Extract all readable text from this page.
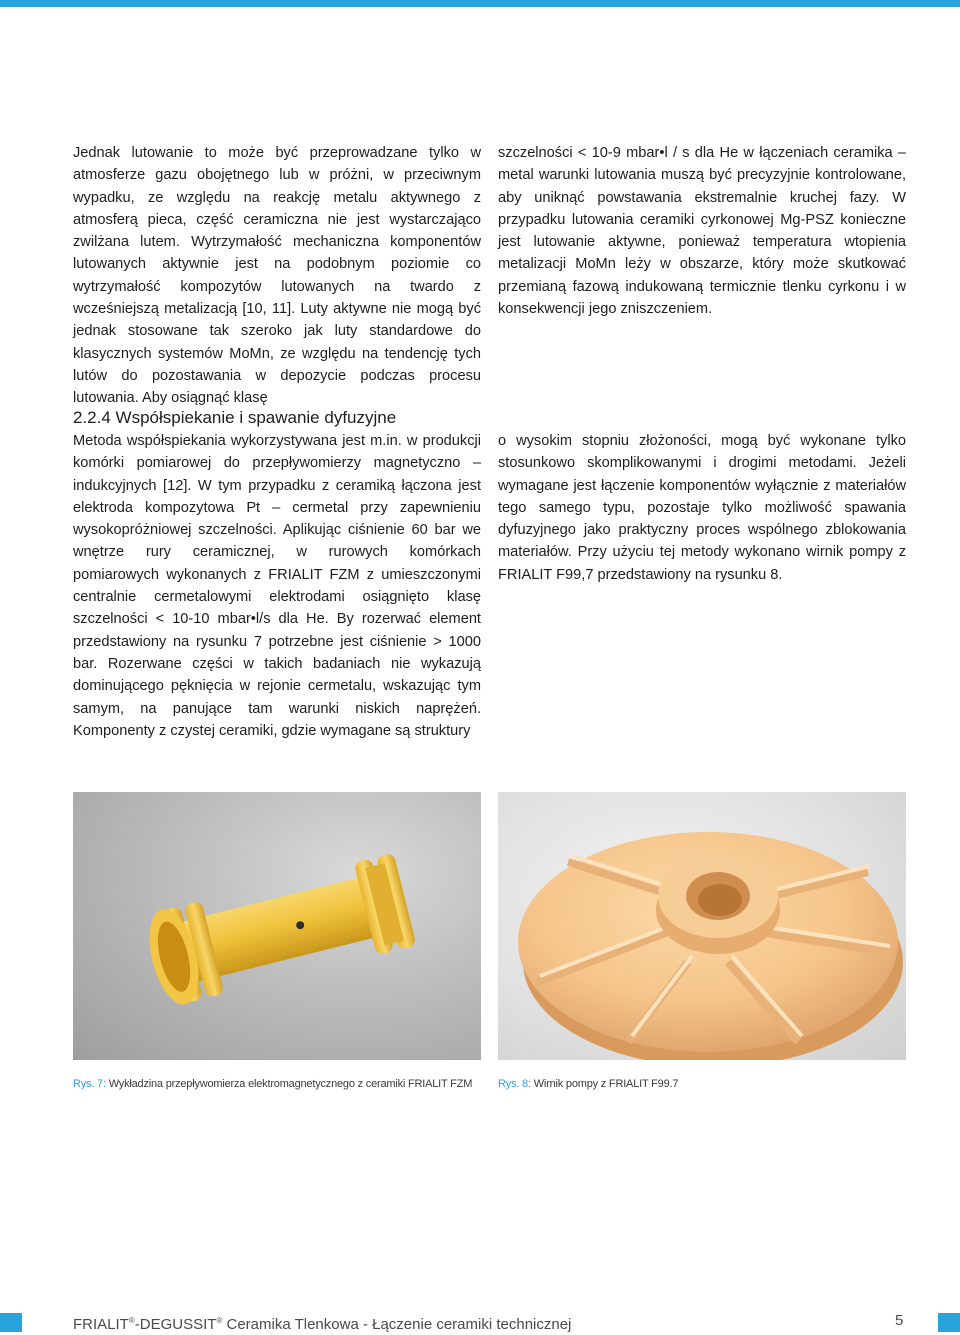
Jednak lutowanie to może być przeprowadzane tylko w atmosferze gazu obojętnego lub w próżni, w przeciwnym wypadku, ze względu na reakcję metalu aktywnego z atmosferą pieca, część ceramiczna nie jest wystarczająco zwilżana lutem. Wytrzymałość mechaniczna komponentów lutowanych aktywnie jest na podobnym poziomie co wytrzymałość kompozytów lutowanych na twardo z wcześniejszą metalizacją [10, 11]. Luty aktywne nie mogą być jednak stosowane tak szeroko jak luty standardowe do klasycznych systemów MoMn, ze względu na tendencję tych lutów do pozostawania w depozycie podczas procesu lutowania. Aby osiągnąć klasę

szczelności < 10-9 mbar•l / s dla He w łączeniach ceramika – metal warunki lutowania muszą być precyzyjnie kontrolowane, aby uniknąć powstawania ekstremalnie kruchej fazy. W przypadku lutowania ceramiki cyrkonowej Mg-PSZ konieczne jest lutowanie aktywne, ponieważ temperatura wtopienia metalizacji MoMn leży w obszarze, który może skutkować przemianą fazową indukowaną termicznie tlenku cyrkonu i w konsekwencji jego zniszczeniem.

2.2.4 Współspiekanie i spawanie dyfuzyjne

Metoda współspiekania wykorzystywana jest m.in. w produkcji komórki pomiarowej do przepływomierzy magnetyczno – indukcyjnych [12]. W tym przypadku z ceramiką łączona jest elektroda kompozytowa Pt – cermetal przy zapewnieniu wysokopróżniowej szczelności. Aplikując ciśnienie 60 bar we wnętrze rury ceramicznej, w rurowych komórkach pomiarowych wykonanych z FRIALIT FZM z umieszczonymi centralnie cermetalowymi elektrodami osiągnięto klasę szczelności < 10-10 mbar•l/s dla He. By rozerwać element przedstawiony na rysunku 7 potrzebne jest ciśnienie > 1000 bar. Rozerwane części w takich badaniach nie wykazują dominującego pęknięcia w rejonie cermetalu, wskazując tym samym, na panujące tam warunki niskich naprężeń. Komponenty z czystej ceramiki, gdzie wymagane są struktury

o wysokim stopniu złożoności, mogą być wykonane tylko stosunkowo skomplikowanymi i drogimi metodami. Jeżeli wymagane jest łączenie komponentów wyłącznie z materiałów tego samego typu, pozostaje tylko możliwość spawania dyfuzyjnego jako praktyczny proces wspólnego zblokowania materiałów. Przy użyciu tej metody wykonano wirnik pompy z FRIALIT F99,7 przedstawiony na rysunku 8.

Rys. 7: Wykładzina przepływomierza elektromagnetycznego z ceramiki FRIALIT FZM Rys. 8: Wirnik pompy z FRIALIT F99.7
FRIALIT®-DEGUSSIT® Ceramika Tlenkowa - Łączenie ceramiki technicznej	5
